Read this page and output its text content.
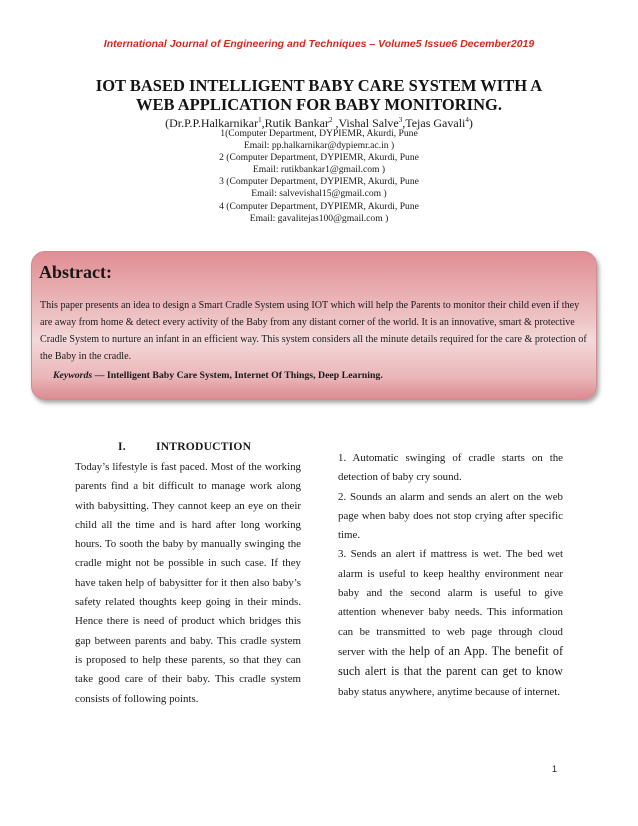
International Journal of Engineering and Techniques – Volume5 Issue6 December2019
IOT BASED INTELLIGENT BABY CARE SYSTEM WITH A
WEB APPLICATION FOR BABY MONITORING.
(Dr.P.P.Halkarnikar$^1$,Rutik Bankar$^2$ ,Vishal Salve$^3$,Tejas Gavali$^4$)
1(Computer Department, DYPIEMR, Akurdi, Pune
Email: pp.halkarnikar@dypiemr.ac.in )
2 (Computer Department, DYPIEMR, Akurdi, Pune
Email: rutikbankar1@gmail.com )
3 (Computer Department, DYPIEMR, Akurdi, Pune
Email: salvevishal15@gmail.com )
4 (Computer Department, DYPIEMR, Akurdi, Pune
Email: gavalitejas100@gmail.com )
Abstract:
This paper presents an idea to design a Smart Cradle System using IOT which will help the Parents to monitor their child even if they are away from home & detect every activity of the Baby from any distant corner of the world. It is an innovative, smart & protective Cradle System to nurture an infant in an efficient way. This system considers all the minute details required for the care & protection of the Baby in the cradle.
Keywords — Intelligent Baby Care System, Internet Of Things, Deep Learning.
I.	INTRODUCTION
Today’s lifestyle is fast paced. Most of the working parents find a bit difficult to manage work along with babysitting. They cannot keep an eye on their child all the time and is hard after long working hours. To sooth the baby by manually swinging the cradle might not be possible in such case. If they have taken help of babysitter for it then also baby’s safety related thoughts keep going in their minds. Hence there is need of product which bridges this gap between parents and baby. This cradle system is proposed to help these parents, so that they can take good care of their baby. This cradle system consists of following points.

1. Automatic swinging of cradle starts on the detection of baby cry sound.

2. Sounds an alarm and sends an alert on the web page when baby does not stop crying after specific time.

3. Sends an alert if mattress is wet. The bed wet alarm is useful to keep healthy environment near baby and the second alarm is useful to give attention whenever baby needs. This information can be transmitted to web page through cloud server with the help of an App. The benefit of such alert is that the parent can get to know baby status anywhere, anytime because of internet.

1
